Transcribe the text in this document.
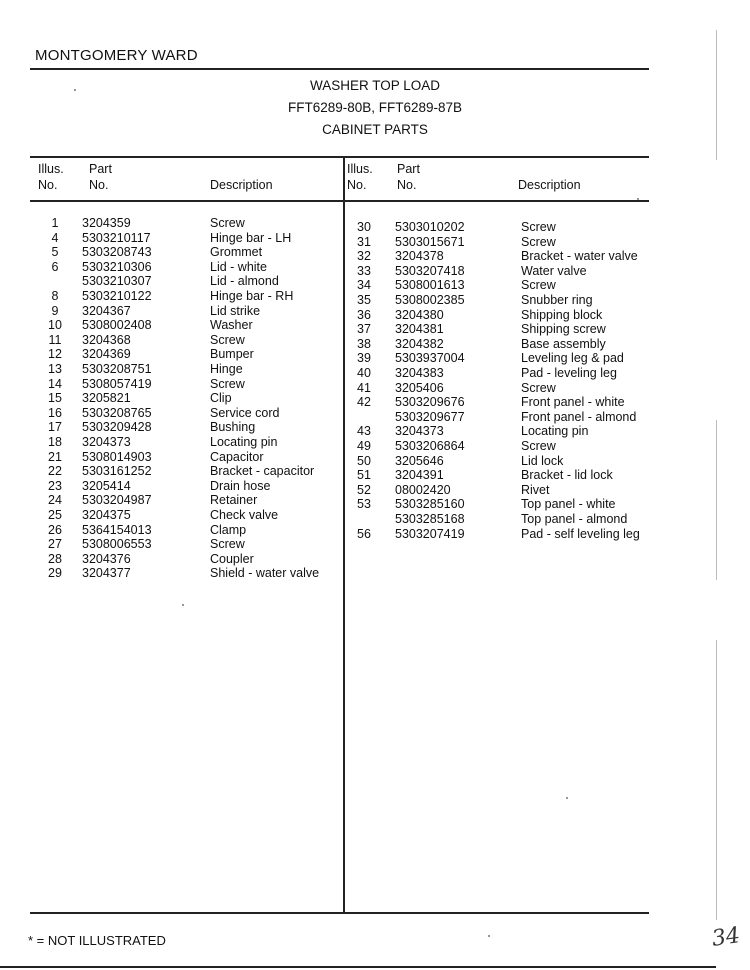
MONTGOMERY WARD
WASHER TOP LOAD
FFT6289-80B, FFT6289-87B
CABINET PARTS
Illus.
No.
Part
No.	Description
Illus.
No.
Part
No.	Description
1	3204359	Screw
4	5303210117	Hinge bar - LH
5	5303208743	Grommet
6	5303210306	Lid - white
5303210307	Lid - almond
8	5303210122	Hinge bar - RH
9	3204367	Lid strike
10 5308002408	Washer
11 3204368	Screw
12 3204369	Bumper
13 5303208751	Hinge
14 5308057419	Screw
15 3205821	Clip
16 5303208765	Service cord
17 5303209428	Bushing
18 3204373	Locating pin
21 5308014903	Capacitor
22 5303161252	Bracket - capacitor
23 3205414	Drain hose
24 5303204987	Retainer
25 3204375	Check valve
26 5364154013	Clamp
27 5308006553	Screw
28 3204376	Coupler
29 3204377	Shield - water valve
30 5303010202	Screw
31 5303015671	Screw
32 3204378	Bracket - water valve
33 5303207418	Water valve
34 5308001613	Screw
35 5308002385	Snubber ring
36 3204380	Shipping block
37 3204381	Shipping screw
38 3204382	Base assembly
39 5303937004	Leveling leg & pad
40 3204383	Pad - leveling leg
41 3205406	Screw
42 5303209676	Front panel - white
5303209677	Front panel - almond
43 3204373	Locating pin
49 5303206864	Screw
50 3205646	Lid lock
51 3204391	Bracket - lid lock
52 08002420	Rivet
53 5303285160	Top panel - white
5303285168	Top panel - almond
56 5303207419	Pad - self leveling leg
* = NOT ILLUSTRATED	34
